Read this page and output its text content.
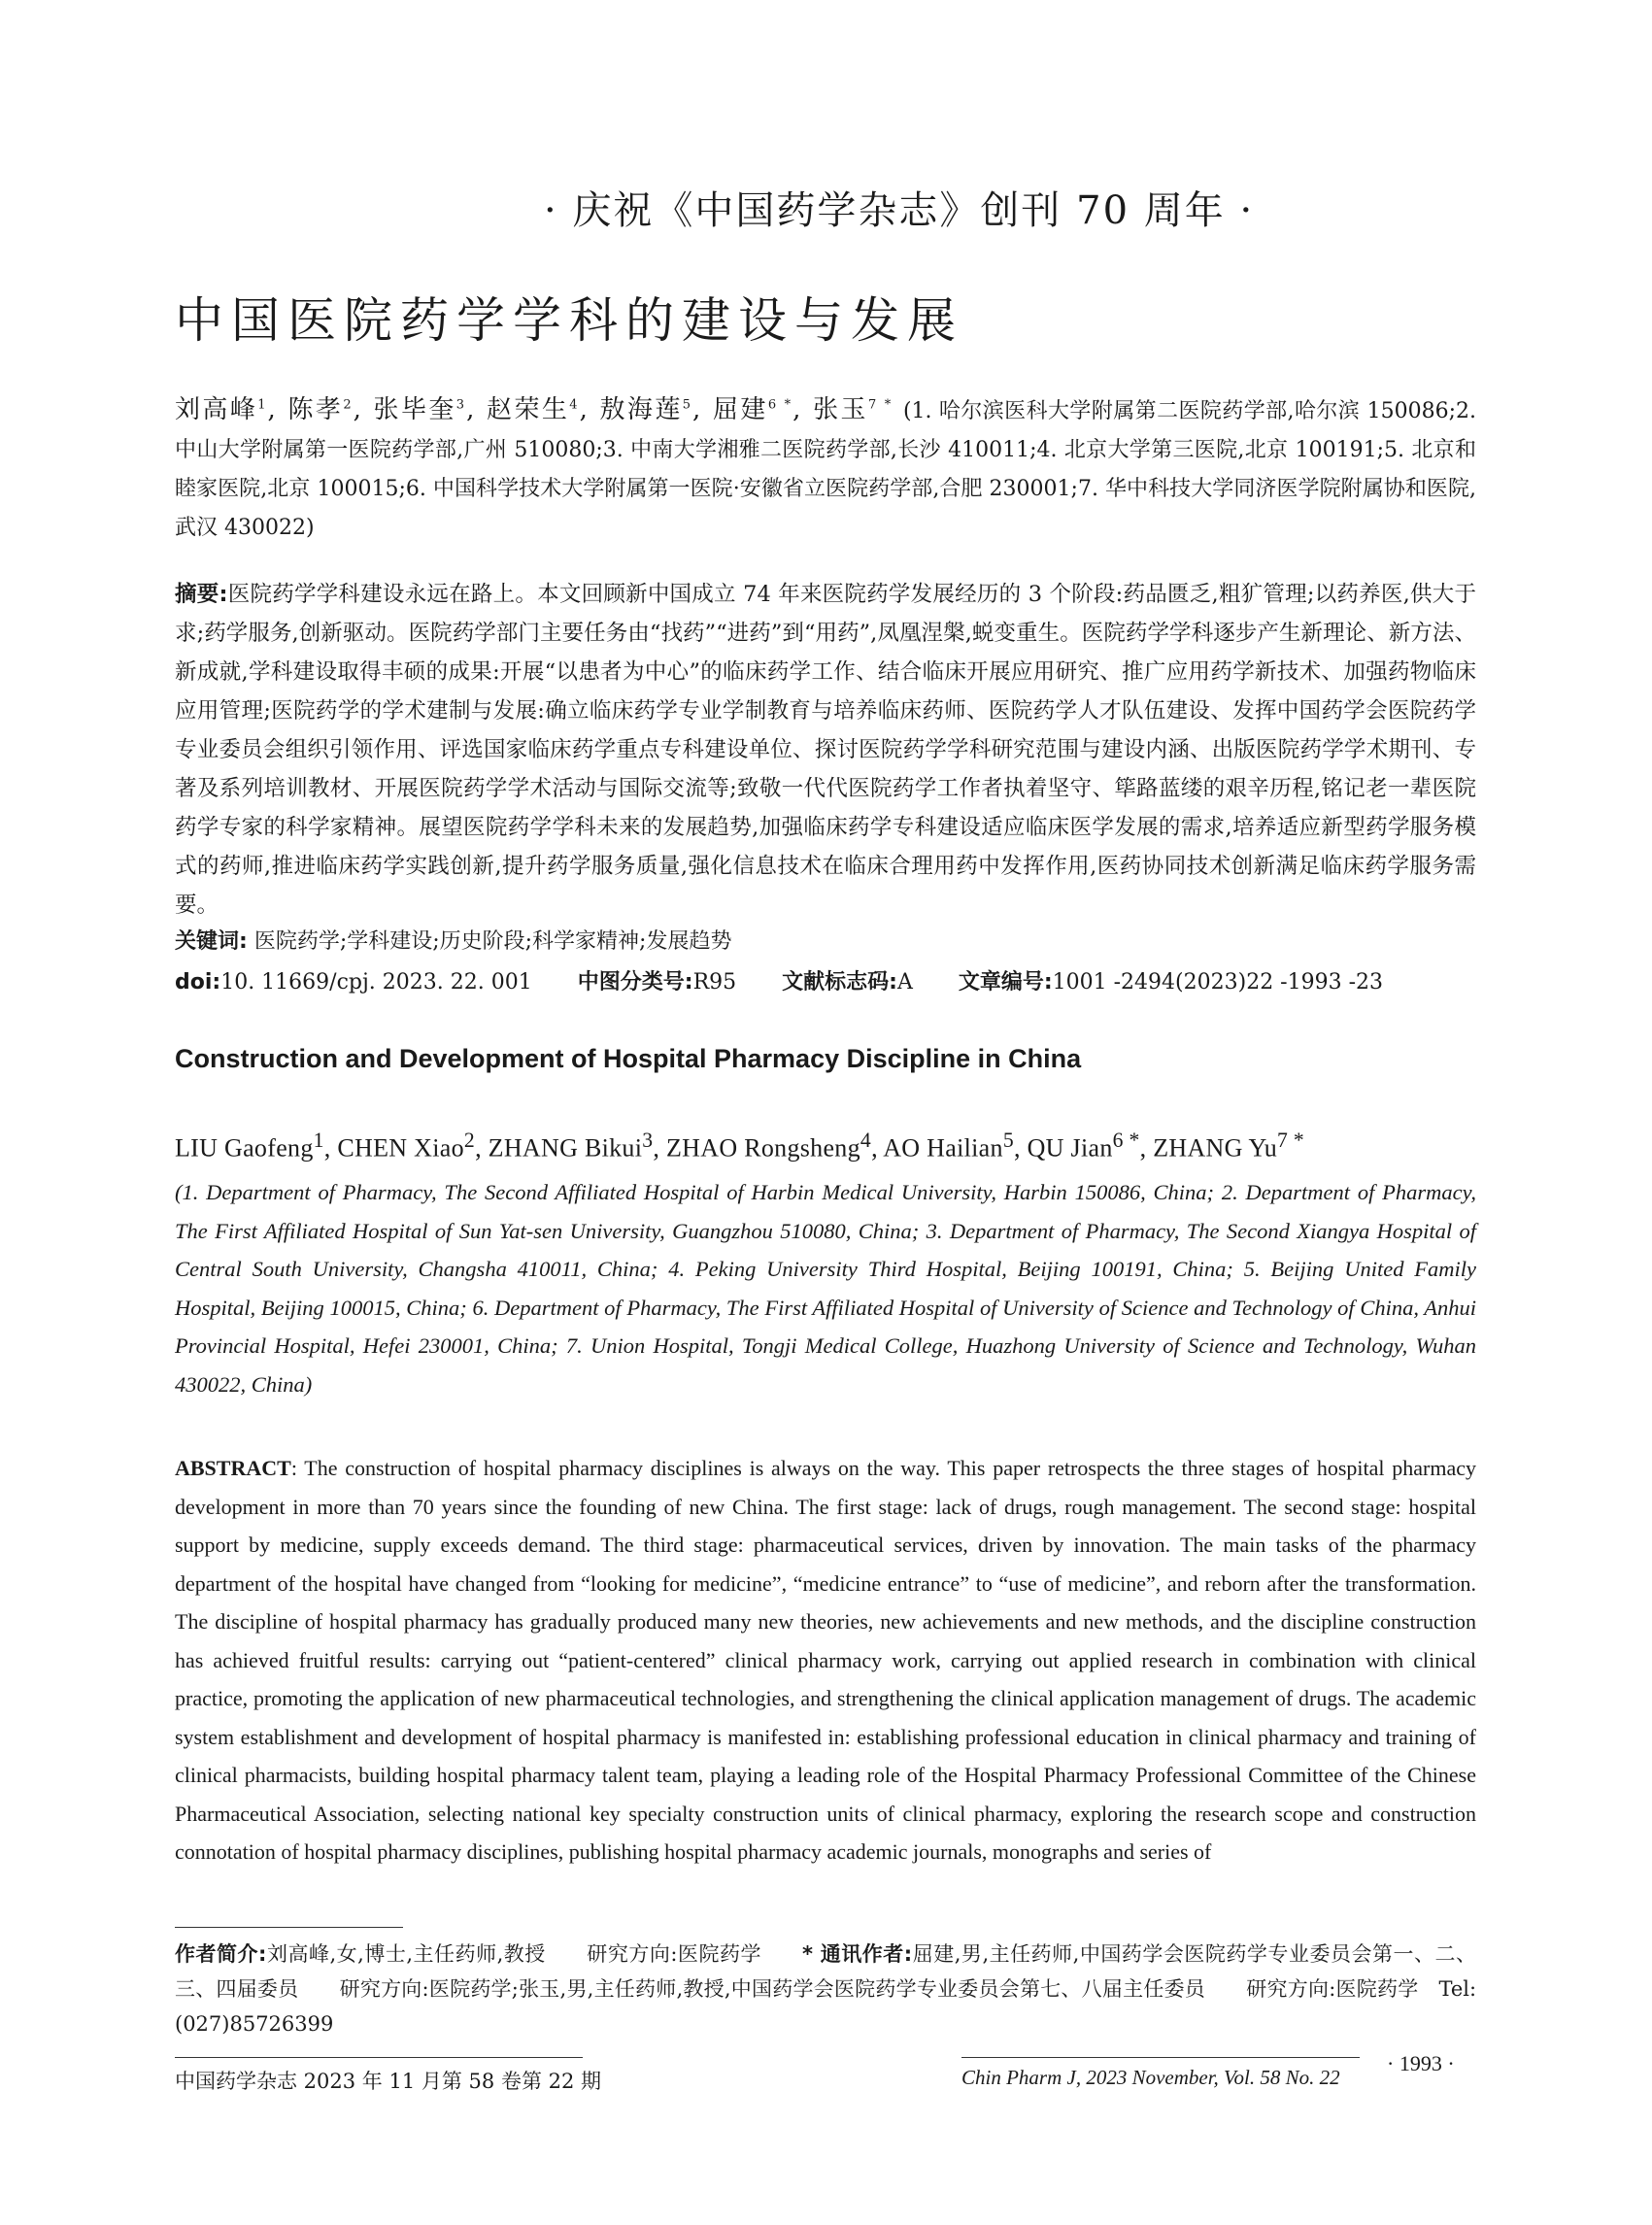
· 庆祝《中国药学杂志》创刊 70 周年 ·
中国医院药学学科的建设与发展
刘高峰$^1$, 陈孝$^2$, 张毕奎$^3$, 赵荣生$^4$, 敖海莲$^5$, 屈建$^{6 *}$, 张玉$^{7 *}$ (1. 哈尔滨医科大学附属第二医院药学部,哈尔滨 150086;2. 中山大学附属第一医院药学部,广州 510080;3. 中南大学湘雅二医院药学部,长沙 410011;4. 北京大学第三医院,北京 100191;5. 北京和睦家医院,北京 100015;6. 中国科学技术大学附属第一医院·安徽省立医院药学部,合肥 230001;7. 华中科技大学同济医学院附属协和医院,武汉 430022)
摘要:医院药学学科建设永远在路上。本文回顾新中国成立 74 年来医院药学发展经历的 3 个阶段:药品匮乏,粗犷管理;以药养医,供大于求;药学服务,创新驱动。医院药学部门主要任务由“找药”“进药”到“用药”,凤凰涅槃,蜕变重生。医院药学学科逐步产生新理论、新方法、新成就,学科建设取得丰硕的成果:开展“以患者为中心”的临床药学工作、结合临床开展应用研究、推广应用药学新技术、加强药物临床应用管理;医院药学的学术建制与发展:确立临床药学专业学制教育与培养临床药师、医院药学人才队伍建设、发挥中国药学会医院药学专业委员会组织引领作用、评选国家临床药学重点专科建设单位、探讨医院药学学科研究范围与建设内涵、出版医院药学学术期刊、专著及系列培训教材、开展医院药学学术活动与国际交流等;致敬一代代医院药学工作者执着坚守、筚路蓝缕的艰辛历程,铭记老一辈医院药学专家的科学家精神。展望医院药学学科未来的发展趋势,加强临床药学专科建设适应临床医学发展的需求,培养适应新型药学服务模式的药师,推进临床药学实践创新,提升药学服务质量,强化信息技术在临床合理用药中发挥作用,医药协同技术创新满足临床药学服务需要。
关键词: 医院药学;学科建设;历史阶段;科学家精神;发展趋势
doi:10. 11669/cpj. 2023. 22. 001 中图分类号:R95 文献标志码:A 文章编号:1001 -2494(2023)22 -1993 -23
Construction and Development of Hospital Pharmacy Discipline in China
LIU Gaofeng$^1$, CHEN Xiao$^2$, ZHANG Bikui$^3$, ZHAO Rongsheng$^4$, AO Hailian$^5$, QU Jian$^{6 *}$, ZHANG $Yu^{7 *}$
(1. Department of Pharmacy, The Second Affiliated Hospital of Harbin Medical University, Harbin 150086, China; 2. Department of Pharmacy, The First Affiliated Hospital of Sun Yat-sen University, Guangzhou 510080, China; 3. Department of Pharmacy, The Second Xiangya Hospital of Central South University, Changsha 410011, China; 4. Peking University Third Hospital, Beijing 100191, China; 5. Beijing United Family Hospital, Beijing 100015, China; 6. Department of Pharmacy, The First Affiliated Hospital of University of Science and Technology of China, Anhui Provincial Hospital, Hefei 230001, China; 7. Union Hospital, Tongji Medical College, Huazhong University of Science and Technology, Wuhan 430022, China)
ABSTRACT: The construction of hospital pharmacy disciplines is always on the way. This paper retrospects the three stages of hospital pharmacy development in more than 70 years since the founding of new China. The first stage: lack of drugs, rough management. The second stage: hospital support by medicine, supply exceeds demand. The third stage: pharmaceutical services, driven by innovation. The main tasks of the pharmacy department of the hospital have changed from “looking for medicine”, “medicine entrance” to “use of medicine”, and reborn after the transformation. The discipline of hospital pharmacy has gradually produced many new theories, new achievements and new methods, and the discipline construction has achieved fruitful results: carrying out “patient-centered” clinical pharmacy work, carrying out applied research in combination with clinical practice, promoting the application of new pharmaceutical technologies, and strengthening the clinical application management of drugs. The academic system establishment and development of hospital pharmacy is manifested in: establishing professional education in clinical pharmacy and training of clinical pharmacists, building hospital pharmacy talent team, playing a leading role of the Hospital Pharmacy Professional Committee of the Chinese Pharmaceutical Association, selecting national key specialty construction units of clinical pharmacy, exploring the research scope and construction connotation of hospital pharmacy disciplines, publishing hospital pharmacy academic journals, monographs and series of
作者简介:刘高峰,女,博士,主任药师,教授   研究方向:医院药学   * 通讯作者:屈建,男,主任药师,中国药学会医院药学专业委员会第一、二、三、四届委员   研究方向:医院药学;张玉,男,主任药师,教授,中国药学会医院药学专业委员会第七、八届主任委员   研究方向:医院药学  Tel:(027)85726399
中国药学杂志 2023 年 11 月第 58 卷第 22 期	Chin Pharm J, 2023 November, Vol. 58 No. 22
· 1993 ·
